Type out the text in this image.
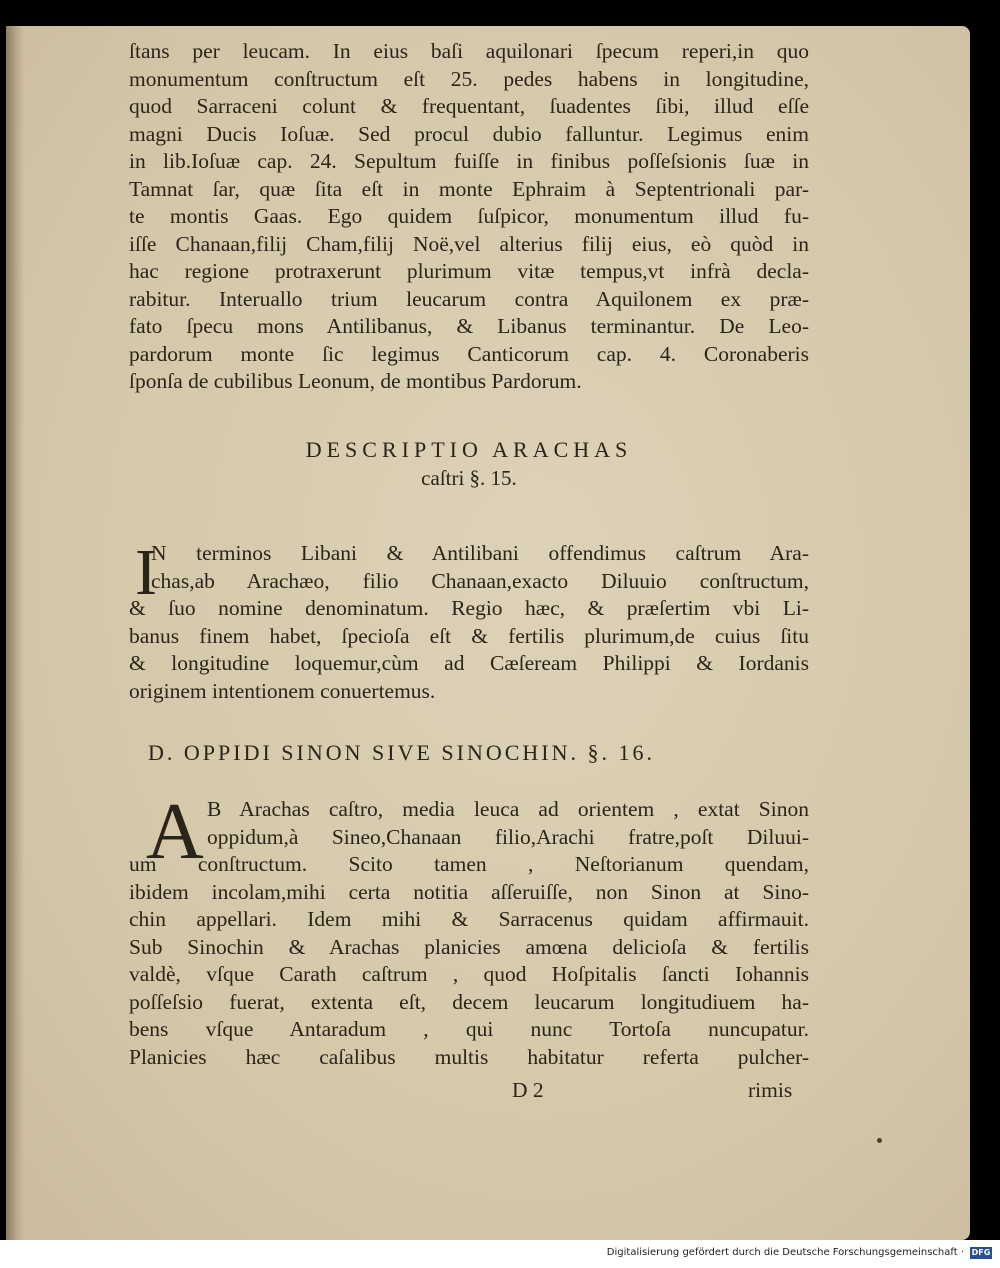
ſtans per leucam. In eius baſi aquilonari ſpecum reperi,in quo
monumentum conſtructum eſt 25. pedes habens in longitudine,
quod Sarraceni colunt & frequentant, ſuadentes ſibi, illud eſſe
magni Ducis Ioſuæ. Sed procul dubio falluntur. Legimus enim
in lib.Ioſuæ cap. 24. Sepultum fuiſſe in finibus poſſeſsionis ſuæ in
Tamnat ſar, quæ ſita eſt in monte Ephraim à Septentrionali par-
te montis Gaas. Ego quidem ſuſpicor, monumentum illud fu-
iſſe Chanaan,filij Cham,filij Noë,vel alterius filij eius, eò quòd in
hac regione protraxerunt plurimum vitæ tempus,vt infrà decla-
rabitur. Interuallo trium leucarum contra Aquilonem ex præ-
fato ſpecu mons Antilibanus, & Libanus terminantur. De Leo-
pardorum monte ſic legimus Canticorum cap. 4. Coronaberis
ſponſa de cubilibus Leonum, de montibus Pardorum.
DESCRIPTIO ARACHAS
caſtri §. 15.
I
N terminos Libani & Antilibani offendimus caſtrum Ara-
chas,ab Arachæo, filio Chanaan,exacto Diluuio conſtructum,
& ſuo nomine denominatum. Regio hæc, & præſertim vbi Li-
banus finem habet, ſpecioſa eſt & fertilis plurimum,de cuius ſitu
& longitudine loquemur,cùm ad Cæſeream Philippi & Iordanis
originem intentionem conuertemus.
D. OPPIDI SINON SIVE SINOCHIN. §. 16.
A B Arachas caſtro, media leuca ad orientem , extat Sinon
oppidum,à Sineo,Chanaan filio,Arachi fratre,poſt Diluui-
um conſtructum. Scito tamen , Neſtorianum quendam,
ibidem incolam,mihi certa notitia aſſeruiſſe, non Sinon at Sino-
chin appellari. Idem mihi & Sarracenus quidam affirmauit.
Sub Sinochin & Arachas planicies amœna delicioſa & fertilis
valdè, vſque Carath caſtrum , quod Hoſpitalis ſancti Iohannis
poſſeſsio fuerat, extenta eſt, decem leucarum longitudiuem ha-
bens vſque Antaradum , qui nunc Tortoſa nuncupatur.
Planicies hæc caſalibus multis habitatur referta pulcher-
D 2	rimis
Digitalisierung gefördert durch die Deutsche Forschungsgemeinschaft · DFG
